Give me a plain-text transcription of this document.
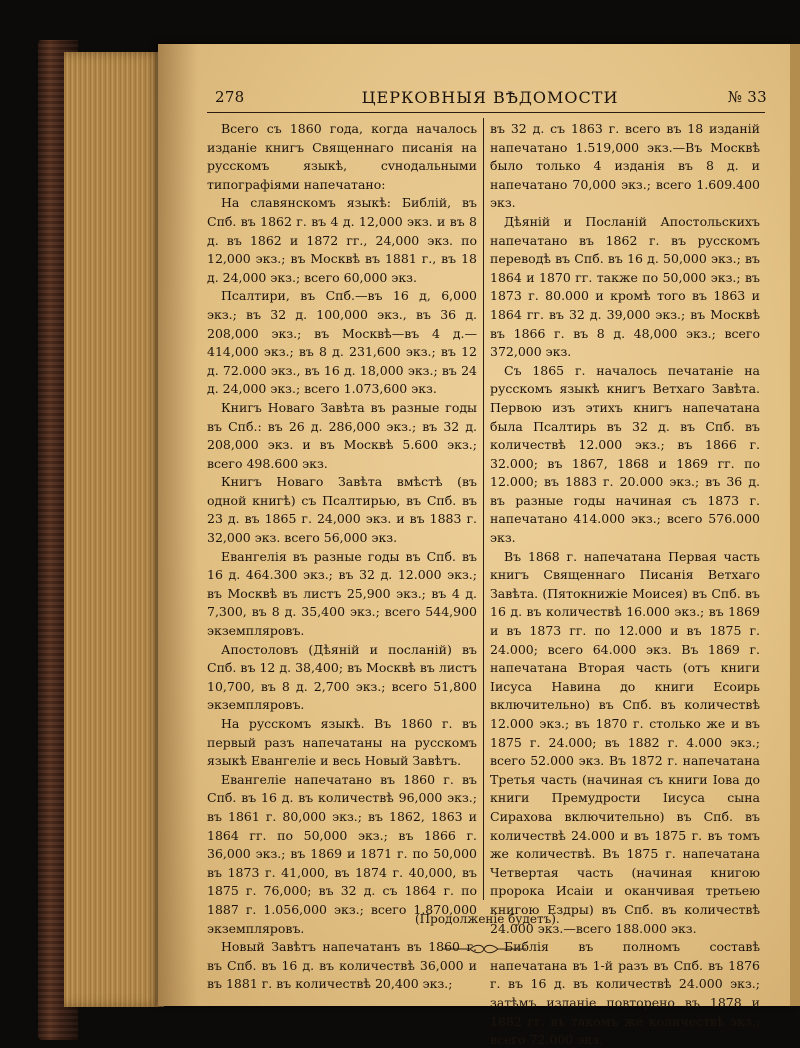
278	ЦЕРКОВНЫЯ ВѢДОМОСТИ	№ 33

Всего съ 1860 года, когда началось изданіе книгъ Священнаго писанія на русскомъ языкѣ, сvнодальными типографіями напечатано:

На славянскомъ языкѣ: Библій, въ Спб. въ 1862 г. въ 4 д. 12,000 экз. и въ 8 д. въ 1862 и 1872 гг., 24,000 экз. по 12,000 экз.; въ Москвѣ въ 1881 г., въ 18 д. 24,000 экз.; всего 60,000 экз.

Псалтири, въ Спб.—въ 16 д, 6,000 экз.; въ 32 д. 100,000 экз., въ 36 д. 208,000 экз.; въ Москвѣ—въ 4 д.— 414,000 экз.; въ 8 д. 231,600 экз.; въ 12 д. 72.000 экз., въ 16 д. 18,000 экз.; въ 24 д. 24,000 экз.; всего 1.073,600 экз.

Книгъ Новаго Завѣта въ разные годы въ Спб.: въ 26 д. 286,000 экз.; въ 32 д. 208,000 экз. и въ Москвѣ 5.600 экз.; всего 498.600 экз.

Книгъ Новаго Завѣта вмѣстѣ (въ одной книгѣ) съ Псалтирью, въ Спб. въ 23 д. въ 1865 г. 24,000 экз. и въ 1883 г. 32,000 экз. всего 56,000 экз.

Евангелія въ разные годы въ Спб. въ 16 д. 464.300 экз.; въ 32 д. 12.000 экз.; въ Москвѣ въ листъ 25,900 экз.; въ 4 д. 7,300, въ 8 д. 35,400 экз.; всего 544,900 экземпляровъ.

Апостоловъ (Дѣяній и посланій) въ Спб. въ 12 д. 38,400; въ Москвѣ въ листъ 10,700, въ 8 д. 2,700 экз.; всего 51,800 экземпляровъ.

На русскомъ языкѣ. Въ 1860 г. въ первый разъ напечатаны на русскомъ языкѣ Евангеліе и весь Новый Завѣтъ.

Евангеліе напечатано въ 1860 г. въ Спб. въ 16 д. въ количествѣ 96,000 экз.; въ 1861 г. 80,000 экз.; въ 1862, 1863 и 1864 гг. по 50,000 экз.; въ 1866 г. 36,000 экз.; въ 1869 и 1871 г. по 50,000 въ 1873 г. 41,000, въ 1874 г. 40,000, въ 1875 г. 76,000; въ 32 д. съ 1864 г. по 1887 г. 1.056,000 экз.; всего 1.870,000 экземпляровъ.

Новый Завѣтъ напечатанъ въ 1860 г. въ Спб. въ 16 д. въ количествѣ 36,000 и въ 1881 г. въ количествѣ 20,400 экз.;

въ 32 д. съ 1863 г. всего въ 18 изданій напечатано 1.519,000 экз.—Въ Москвѣ было только 4 изданія въ 8 д. и напечатано 70,000 экз.; всего 1.609.400 экз.

Дѣяній и Посланій Апостольскихъ напечатано въ 1862 г. въ русскомъ переводѣ въ Спб. въ 16 д. 50,000 экз.; въ 1864 и 1870 гг. также по 50,000 экз.; въ 1873 г. 80.000 и кромѣ того въ 1863 и 1864 гг. въ 32 д. 39,000 экз.; въ Москвѣ въ 1866 г. въ 8 д. 48,000 экз.; всего 372,000 экз.

Съ 1865 г. началось печатаніе на русскомъ языкѣ книгъ Ветхаго Завѣта. Первою изъ этихъ книгъ напечатана была Псалтирь въ 32 д. въ Спб. въ количествѣ 12.000 экз.; въ 1866 г. 32.000; въ 1867, 1868 и 1869 гг. по 12.000; въ 1883 г. 20.000 экз.; въ 36 д. въ разные годы начиная съ 1873 г. напечатано 414.000 экз.; всего 576.000 экз.

Въ 1868 г. напечатана Первая часть книгъ Священнаго Писанія Ветхаго Завѣта. (Пятокнижіе Моисея) въ Спб. въ 16 д. въ количествѣ 16.000 экз.; въ 1869 и въ 1873 гг. по 12.000 и въ 1875 г. 24.000; всего 64.000 экз. Въ 1869 г. напечатана Вторая часть (отъ книги Іисуса Навина до книги Есоирь включительно) въ Спб. въ количествѣ 12.000 экз.; въ 1870 г. столько же и въ 1875 г. 24.000; въ 1882 г. 4.000 экз.; всего 52.000 экз. Въ 1872 г. напечатана Третья часть (начиная съ книги Іова до книги Премудрости Іисуса сына Сирахова включительно) въ Спб. въ количествѣ 24.000 и въ 1875 г. въ томъ же количествѣ. Въ 1875 г. напечатана Четвертая часть (начиная книгою пророка Исаіи и оканчивая третьею книгою Ездры) въ Спб. въ количествѣ 24.000 экз.—всего 188.000 экз.

Библія въ полномъ составѣ напечатана въ 1-й разъ въ Спб. въ 1876 г. въ 16 д. въ количествѣ 24.000 экз.; затѣмъ изданіе повторено въ 1878 и 1882 гг. въ такомъ же количествѣ экз.; всего 72.000 экз.

(Продолженіе будетъ).
